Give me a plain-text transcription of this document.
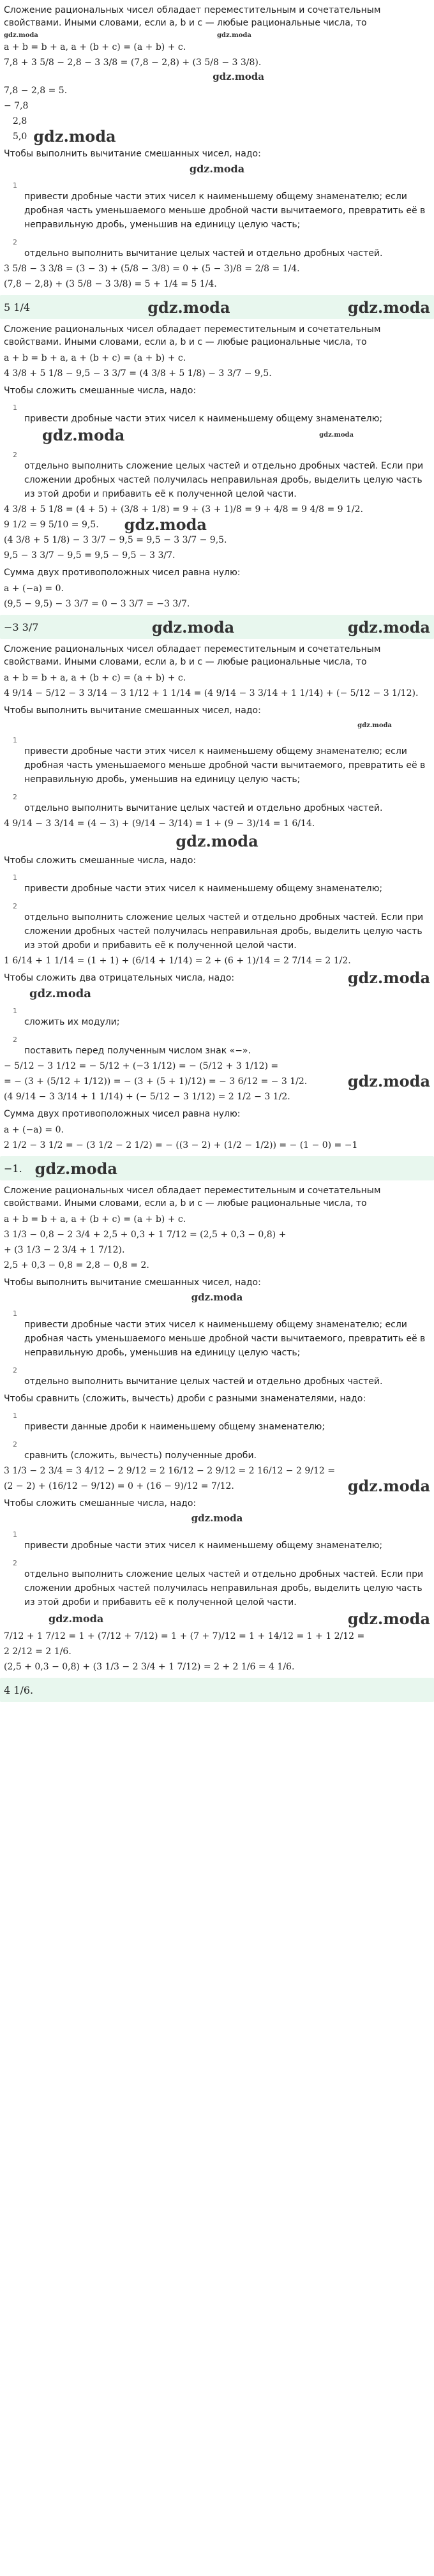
Сложение рациональных чисел обладает переместительным и сочетательным свойствами. Иными словами, если a, b и c — любые рациональные числа, то
gdz.moda	gdz.moda
a + b = b + a, a + (b + c) = (a + b) + c.
7,8 + 3 5/8 − 2,8 − 3 3/8 = (7,8 − 2,8) + (3 5/8 − 3 3/8).
gdz.moda
7,8 − 2,8 = 5.
− 7,8
2,8
5,0 gdz.moda
Чтобы выполнить вычитание смешанных чисел, надо:
gdz.moda
1
привести дробные части этих чисел к наименьшему общему знаменателю; если дробная часть уменьшаемого меньше дробной части вычитаемого, превратить её в неправильную дробь, уменьшив на единицу целую часть;
2
отдельно выполнить вычитание целых частей и отдельно дробных частей.
3 5/8 − 3 3/8 = (3 − 3) + (5/8 − 3/8) = 0 + (5 − 3)/8 = 2/8 = 1/4.
(7,8 − 2,8) + (3 5/8 − 3 3/8) = 5 + 1/4 = 5 1/4.
5 1/4	gdz.moda	gdz.moda
Сложение рациональных чисел обладает переместительным и сочетательным свойствами. Иными словами, если a, b и c — любые рациональные числа, то
a + b = b + a, a + (b + c) = (a + b) + c.
4 3/8 + 5 1/8 − 9,5 − 3 3/7 = (4 3/8 + 5 1/8) − 3 3/7 − 9,5.
Чтобы сложить смешанные числа, надо:
1
привести дробные части этих чисел к наименьшему общему знаменателю;
gdz.moda	gdz.moda
2
отдельно выполнить сложение целых частей и отдельно дробных частей. Если при сложении дробных частей получилась неправильная дробь, выделить целую часть из этой дроби и прибавить её к полученной целой части.
4 3/8 + 5 1/8 = (4 + 5) + (3/8 + 1/8) = 9 + (3 + 1)/8 = 9 + 4/8 = 9 4/8 = 9 1/2.
9 1/2 = 9 5/10 = 9,5. gdz.moda
(4 3/8 + 5 1/8) − 3 3/7 − 9,5 = 9,5 − 3 3/7 − 9,5.
9,5 − 3 3/7 − 9,5 = 9,5 − 9,5 − 3 3/7.
Сумма двух противоположных чисел равна нулю:
a + (−a) = 0.
(9,5 − 9,5) − 3 3/7 = 0 − 3 3/7 = −3 3/7.
−3 3/7	gdz.moda	gdz.moda
Сложение рациональных чисел обладает переместительным и сочетательным свойствами. Иными словами, если a, b и c — любые рациональные числа, то
a + b = b + a, a + (b + c) = (a + b) + c.
4 9/14 − 5/12 − 3 3/14 − 3 1/12 + 1 1/14 = (4 9/14 − 3 3/14 + 1 1/14) + (− 5/12 − 3 1/12).
Чтобы выполнить вычитание смешанных чисел, надо:
gdz.moda
1
привести дробные части этих чисел к наименьшему общему знаменателю; если дробная часть уменьшаемого меньше дробной части вычитаемого, превратить её в неправильную дробь, уменьшив на единицу целую часть;
2
отдельно выполнить вычитание целых частей и отдельно дробных частей.
4 9/14 − 3 3/14 = (4 − 3) + (9/14 − 3/14) = 1 + (9 − 3)/14 = 1 6/14.
gdz.moda
Чтобы сложить смешанные числа, надо:
1
привести дробные части этих чисел к наименьшему общему знаменателю;
2
отдельно выполнить сложение целых частей и отдельно дробных частей. Если при сложении дробных частей получилась неправильная дробь, выделить целую часть из этой дроби и прибавить её к полученной целой части.
1 6/14 + 1 1/14 = (1 + 1) + (6/14 + 1/14) = 2 + (6 + 1)/14 = 2 7/14 = 2 1/2.
Чтобы сложить два отрицательных числа, надо:	gdz.moda
gdz.moda
1
сложить их модули;
2
поставить перед полученным числом знак «−».
− 5/12 − 3 1/12 = − 5/12 + (−3 1/12) = − (5/12 + 3 1/12) =
= − (3 + (5/12 + 1/12)) = − (3 + (5 + 1)/12) = − 3 6/12 = − 3 1/2.	gdz.moda
(4 9/14 − 3 3/14 + 1 1/14) + (− 5/12 − 3 1/12) = 2 1/2 − 3 1/2.
Сумма двух противоположных чисел равна нулю:
a + (−a) = 0.
2 1/2 − 3 1/2 = − (3 1/2 − 2 1/2) = − ((3 − 2) + (1/2 − 1/2)) = − (1 − 0) = −1
−1. gdz.moda
Сложение рациональных чисел обладает переместительным и сочетательным свойствами. Иными словами, если a, b и c — любые рациональные числа, то
a + b = b + a, a + (b + c) = (a + b) + c.
3 1/3 − 0,8 − 2 3/4 + 2,5 + 0,3 + 1 7/12 = (2,5 + 0,3 − 0,8) +
+ (3 1/3 − 2 3/4 + 1 7/12).
2,5 + 0,3 − 0,8 = 2,8 − 0,8 = 2.
Чтобы выполнить вычитание смешанных чисел, надо:
gdz.moda
1
привести дробные части этих чисел к наименьшему общему знаменателю; если дробная часть уменьшаемого меньше дробной части вычитаемого, превратить её в неправильную дробь, уменьшив на единицу целую часть;
2
отдельно выполнить вычитание целых частей и отдельно дробных частей.
Чтобы сравнить (сложить, вычесть) дроби с разными знаменателями, надо:
1
привести данные дроби к наименьшему общему знаменателю;
2
сравнить (сложить, вычесть) полученные дроби.
3 1/3 − 2 3/4 = 3 4/12 − 2 9/12 = 2 16/12 − 2 9/12 = 2 16/12 − 2 9/12 =
(2 − 2) + (16/12 − 9/12) = 0 + (16 − 9)/12 = 7/12.	gdz.moda
Чтобы сложить смешанные числа, надо:
gdz.moda
1
привести дробные части этих чисел к наименьшему общему знаменателю;
2
отдельно выполнить сложение целых частей и отдельно дробных частей. Если при сложении дробных частей получилась неправильная дробь, выделить целую часть из этой дроби и прибавить её к полученной целой части.
gdz.moda	gdz.moda
7/12 + 1 7/12 = 1 + (7/12 + 7/12) = 1 + (7 + 7)/12 = 1 + 14/12 = 1 + 1 2/12 =
2 2/12 = 2 1/6.
(2,5 + 0,3 − 0,8) + (3 1/3 − 2 3/4 + 1 7/12) = 2 + 2 1/6 = 4 1/6.
4 1/6.
